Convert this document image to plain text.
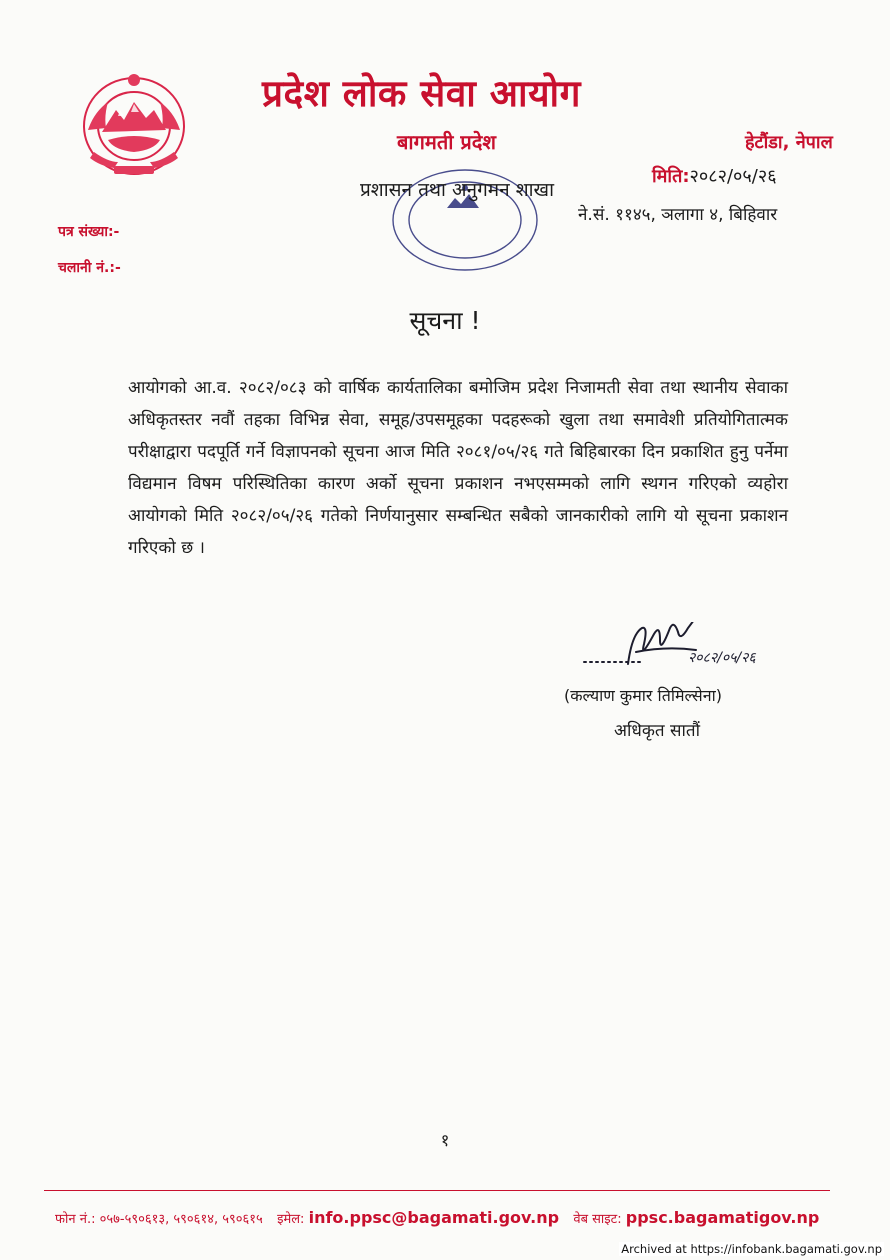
प्रदेश लोक सेवा आयोग
बागमती प्रदेश	हेटौंडा, नेपाल
मिति:२०८२/०५/२६
प्रशासन तथा अनुगमन शाखा
ने.सं. ११४५, ञलागा ४, बिहिवार
पत्र संख्या:-
चलानी नं.:-
सूचना !

आयोगको आ.व. २०८२/०८३ को वार्षिक कार्यतालिका बमोजिम प्रदेश निजामती सेवा तथा स्थानीय सेवाका अधिकृतस्तर नवौं तहका विभिन्न सेवा, समूह/उपसमूहका पदहरूको खुला तथा समावेशी प्रतियोगितात्मक परीक्षाद्वारा पदपूर्ति गर्ने विज्ञापनको सूचना आज मिति २०८१/०५/२६ गते बिहिबारका दिन प्रकाशित हुनु पर्नेमा विद्यमान विषम परिस्थितिका कारण अर्को सूचना प्रकाशन नभएसम्मको लागि स्थगन गरिएको व्यहोरा आयोगको मिति २०८२/०५/२६ गतेको निर्णयानुसार सम्बन्धित सबैको जानकारीको लागि यो सूचना प्रकाशन गरिएको छ ।

२०८२/०५/२६
(कल्याण कुमार तिमिल्सेना)
अधिकृत सातौं
१
फोन नं.: ०५७-५९०६१३, ५९०६१४, ५९०६१५ इमेल: info.ppsc@bagamati.gov.np वेब साइट: ppsc.bagamatigov.np
Archived at https://infobank.bagamati.gov.np
